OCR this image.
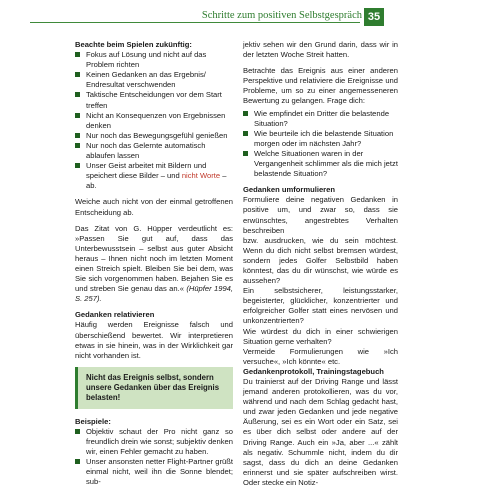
Schritte zum positiven Selbstgespräch 35
Beachte beim Spielen zukünftig:
Fokus auf Lösung und nicht auf das Problem richten
Keinen Gedanken an das Ergebnis/ Endresultat verschwenden
Taktische Entscheidungen vor dem Start treffen
Nicht an Konsequenzen von Ergebnissen denken
Nur noch das Bewegungsgefühl genießen
Nur noch das Gelernte automatisch ablaufen lassen
Unser Geist arbeitet mit Bildern und speichert diese Bilder – und nicht Worte – ab.

Weiche auch nicht von der einmal getroffenen Entscheidung ab.

Das Zitat von G. Hüpper verdeutlicht es: »Passen Sie gut auf, dass das Unterbewusstsein – selbst aus guter Absicht heraus – Ihnen nicht noch im letzten Moment einen Streich spielt. Bleiben Sie bei dem, was Sie sich vorgenommen haben. Bejahen Sie es und streben Sie genau das an.« (Hüpfer 1994, S. 257).

Gedanken relativieren

Häufig werden Ereignisse falsch und überschießend bewertet. Wir interpretieren etwas in sie hinein, was in der Wirklichkeit gar nicht vorhanden ist.

Nicht das Ereignis selbst, sondern unsere Gedanken über das Ereignis belasten!
Beispiele:
Objektiv schaut der Pro nicht ganz so freundlich drein wie sonst; subjektiv denken wir, einen Fehler gemacht zu haben.
Unser ansonsten netter Flight-Partner grüßt einmal nicht, weil ihn die Sonne blendet; sub-

jektiv sehen wir den Grund darin, dass wir in der letzten Woche Streit hatten.

Betrachte das Ereignis aus einer anderen Perspektive und relativiere die Ereignisse und Probleme, um so zu einer angemesseneren Bewertung zu gelangen. Frage dich:

Wie empfindet ein Dritter die belastende Situation?
Wie beurteile ich die belastende Situation morgen oder im nächsten Jahr?
Welche Situationen waren in der Vergangenheit schlimmer als die mich jetzt belastende Situation?
Gedanken umformulieren

Formuliere deine negativen Gedanken in positive um, und zwar so, dass sie erwünschtes, angestrebtes Verhalten beschreiben

bzw. ausdrucken, wie du sein möchtest. Wenn du dich nicht selbst bremsen würdest, sondern jedes Golfer Selbstbild haben könntest, das du dir wünschst, wie würde es aussehen?

Ein selbstsicherer, leistungsstarker, begeisterter, glücklicher, konzentrierter und erfolgreicher Golfer statt eines nervösen und unkonzentrierten?

Wie würdest du dich in einer schwierigen Situation gerne verhalten?

Vermeide Formulierungen wie »Ich versuche«, »Ich könnte« etc.

Gedankenprotokoll, Trainingstagebuch

Du trainierst auf der Driving Range und lässt jemand anderen protokollieren, was du vor, während und nach dem Schlag gedacht hast, und zwar jeden Gedanken und jede negative Äußerung, sei es ein Wort oder ein Satz, sei es über dich selbst oder andere auf der Driving Range. Auch ein »Ja, aber ...« zählt als negativ. Schummle nicht, indem du dir sagst, dass du dich an deine Gedanken erinnerst und sie später aufschreiben wirst. Oder stecke ein Notiz-
